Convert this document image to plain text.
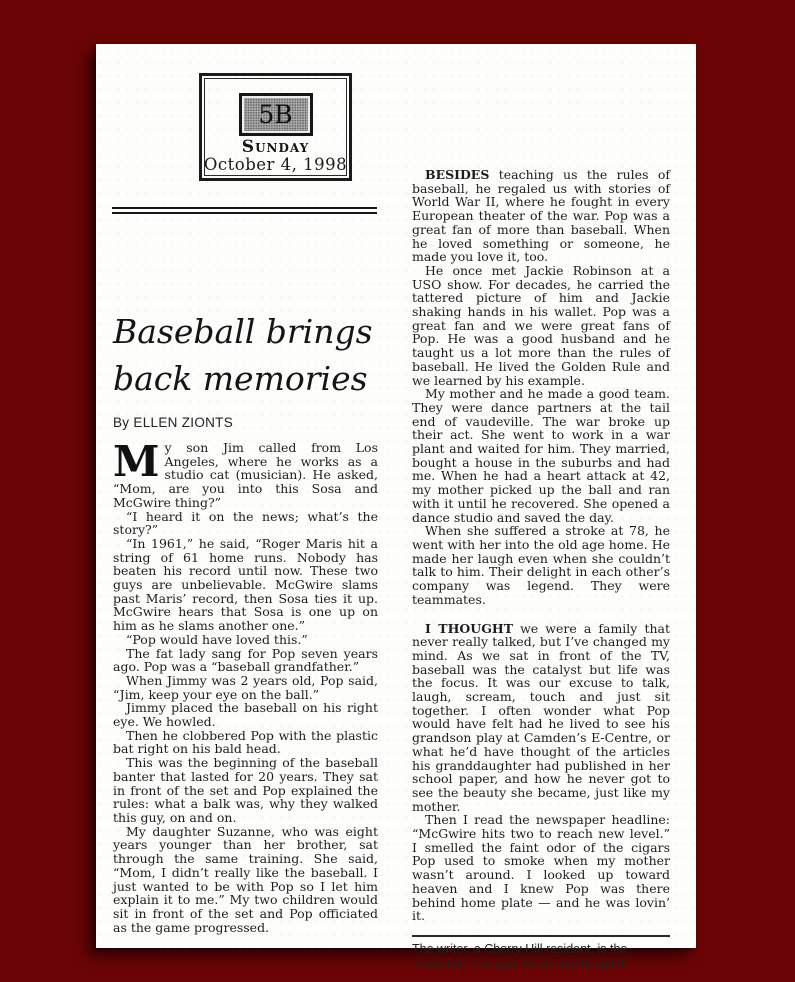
5B
Sunday
October 4, 1998
Baseball brings
back memories
By ELLEN ZIONTS

My son Jim called from Los Angeles, where he works as a studio cat (musician). He asked, “Mom, are you into this Sosa and McGwire thing?”

“I heard it on the news; what’s the story?”

“In 1961,” he said, “Roger Maris hit a string of 61 home runs. Nobody has beaten his record until now. These two guys are unbelievable. McGwire slams past Maris’ record, then Sosa ties it up. McGwire hears that Sosa is one up on him as he slams another one.”

“Pop would have loved this.”

The fat lady sang for Pop seven years ago. Pop was a “baseball grandfather.”

When Jimmy was 2 years old, Pop said, “Jim, keep your eye on the ball.”

Jimmy placed the baseball on his right eye. We howled.

Then he clobbered Pop with the plastic bat right on his bald head.

This was the beginning of the baseball banter that lasted for 20 years. They sat in front of the set and Pop explained the rules: what a balk was, why they walked this guy, on and on.

My daughter Suzanne, who was eight years younger than her brother, sat through the same training. She said, “Mom, I didn’t really like the baseball. I just wanted to be with Pop so I let him explain it to me.” My two children would sit in front of the set and Pop officiated as the game progressed.

BESIDES teaching us the rules of baseball, he regaled us with stories of World War II, where he fought in every European theater of the war. Pop was a great fan of more than baseball. When he loved something or someone, he made you love it, too.

He once met Jackie Robinson at a USO show. For decades, he carried the tattered picture of him and Jackie shaking hands in his wallet. Pop was a great fan and we were great fans of Pop. He was a good husband and he taught us a lot more than the rules of baseball. He lived the Golden Rule and we learned by his example.

My mother and he made a good team. They were dance partners at the tail end of vaudeville. The war broke up their act. She went to work in a war plant and waited for him. They married, bought a house in the suburbs and had me. When he had a heart attack at 42, my mother picked up the ball and ran with it until he recovered. She opened a dance studio and saved the day.

When she suffered a stroke at 78, he went with her into the old age home. He made her laugh even when she couldn’t talk to him. Their delight in each other’s company was legend. They were teammates.

I THOUGHT we were a family that never really talked, but I’ve changed my mind. As we sat in front of the TV, baseball was the catalyst but life was the focus. It was our excuse to talk, laugh, scream, touch and just sit together. I often wonder what Pop would have felt had he lived to see his grandson play at Camden’s E-Centre, or what he’d have thought of the articles his granddaughter had published in her school paper, and how he never got to see the beauty she became, just like my mother.

Then I read the newspaper headline: “McGwire hits two to reach new level.” I smelled the faint odor of the cigars Pop used to smoke when my mother wasn’t around. I looked up toward heaven and I knew Pop was there behind home plate — and he was lovin’ it.

The writer, a Cherry Hill resident, is the marketing manager for a local hospital.
